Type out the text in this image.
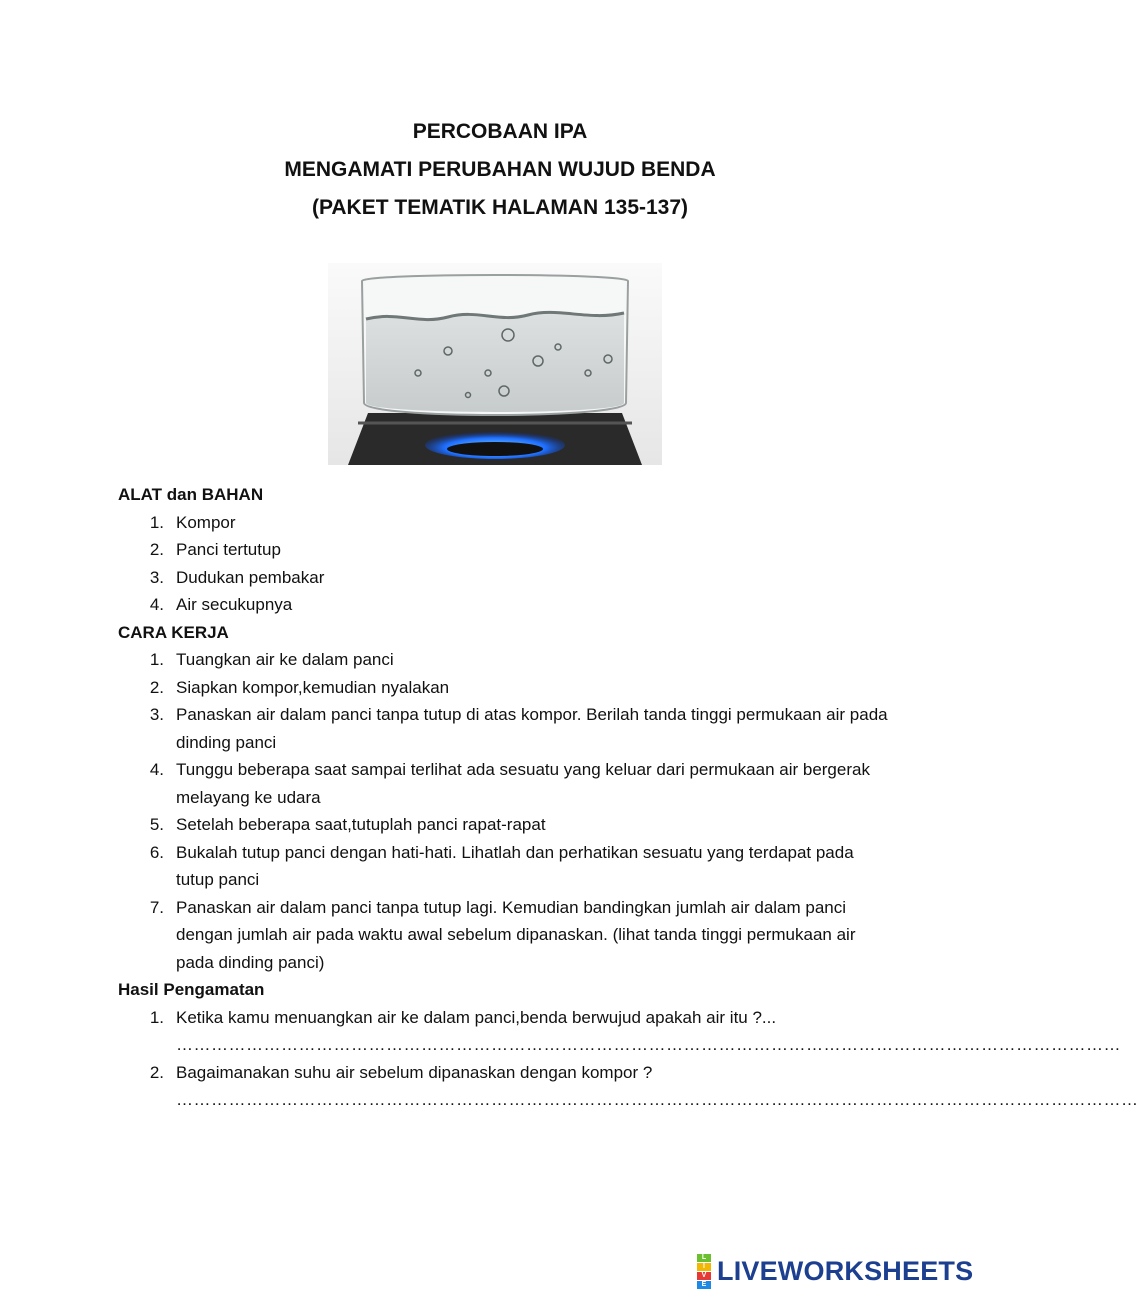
PERCOBAAN IPA
MENGAMATI PERUBAHAN WUJUD BENDA
(PAKET TEMATIK HALAMAN 135-137)
ALAT dan BAHAN
1. Kompor
2. Panci tertutup
3. Dudukan pembakar
4. Air secukupnya
CARA KERJA
1. Tuangkan air ke dalam panci
2. Siapkan kompor,kemudian nyalakan
3. Panaskan air dalam panci tanpa tutup di atas kompor. Berilah tanda tinggi permukaan air pada dinding panci
4. Tunggu beberapa saat sampai terlihat ada sesuatu yang keluar dari permukaan air bergerak melayang ke udara
5. Setelah beberapa saat,tutuplah panci rapat-rapat
6. Bukalah tutup panci dengan hati-hati. Lihatlah dan perhatikan sesuatu yang terdapat pada tutup panci
7. Panaskan air dalam panci tanpa tutup lagi. Kemudian bandingkan jumlah air dalam panci dengan jumlah air pada waktu awal sebelum dipanaskan. (lihat tanda tinggi permukaan air pada dinding panci)
Hasil Pengamatan
1. Ketika kamu menuangkan air ke dalam panci,benda berwujud apakah air itu ?...
………………………………………………………………………………………………………………………………………………
2. Bagaimanakan suhu air sebelum dipanaskan dengan kompor ?
…………………………………………………………………………………………………………………………………………………
L
I
V
E LIVEWORKSHEETS
